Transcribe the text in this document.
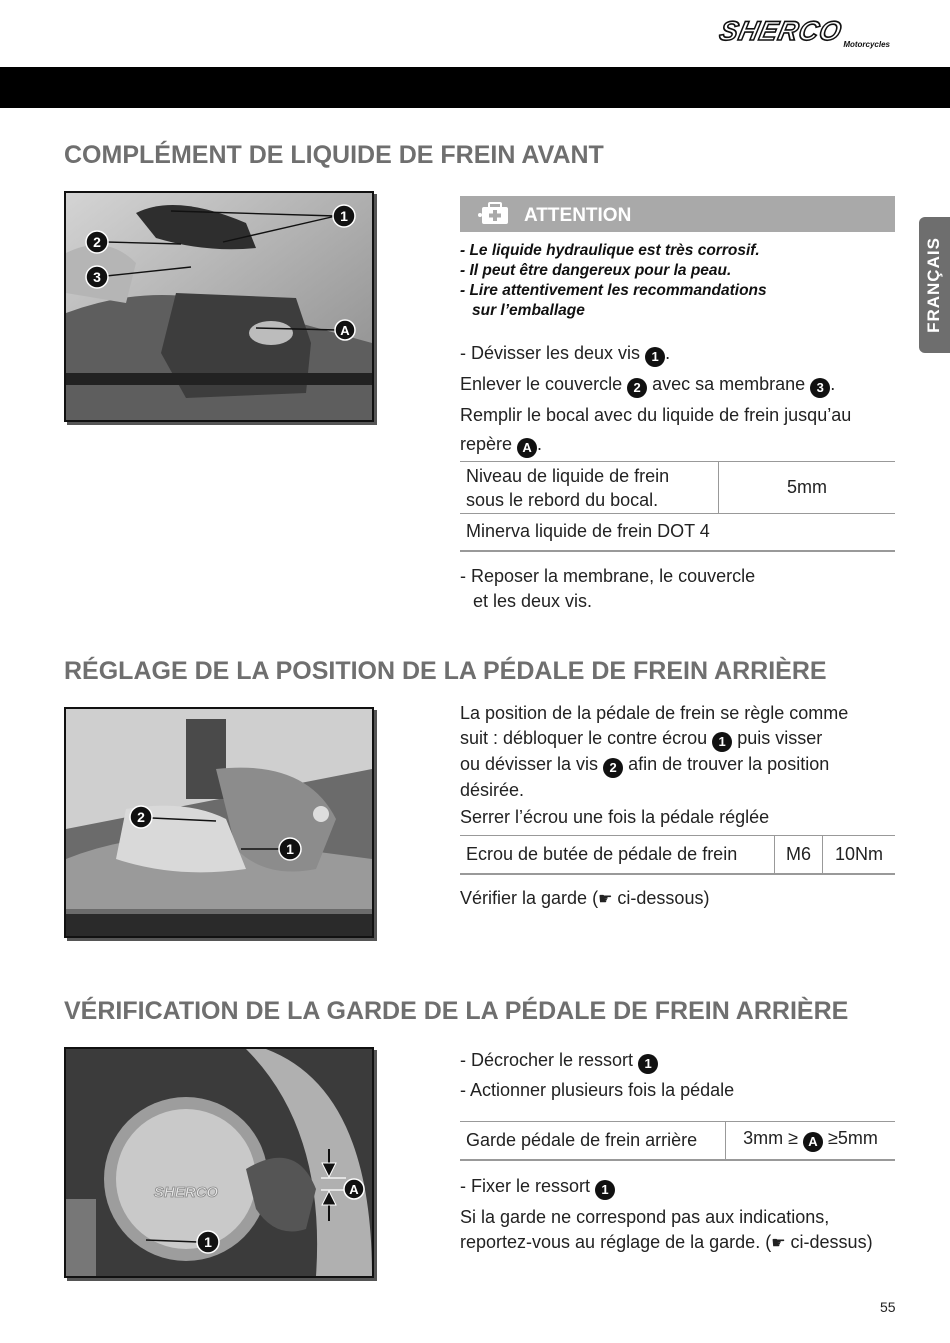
SHERCO
Motorcycles
FRANÇAIS
COMPLÉMENT DE LIQUIDE DE FREIN AVANT
1
2
3
A
ATTENTION
- Le liquide hydraulique est très corrosif.
- Il peut être dangereux pour la peau.
- Lire attentivement les recommandations
sur l’emballage
- Dévisser les deux vis 1 .
Enlever le couvercle 2 avec sa membrane 3 .
Remplir le bocal avec du liquide de frein jusqu’au
repère A .
Niveau de liquide de frein
sous le rebord du bocal.
	5mm
Minerva liquide de frein DOT 4
- Reposer la membrane, le couvercle
et les deux vis.
RÉGLAGE DE LA POSITION DE LA PÉDALE DE FREIN ARRIÈRE
2
1
La position de la pédale de frein se règle comme
suit : débloquer le contre écrou 1 puis visser
ou dévisser la vis 2 afin de trouver la position
désirée.
Serrer l’écrou une fois la pédale réglée
Ecrou de butée de pédale de frein	M6	10Nm
Vérifier la garde (☛ ci-dessous)
VÉRIFICATION DE LA GARDE DE LA PÉDALE DE FREIN ARRIÈRE
SHERCO	A
1
- Décrocher le ressort 1
- Actionner plusieurs fois la pédale
Garde pédale de frein arrière	3mm ≥ A ≥5mm
- Fixer le ressort 1
Si la garde ne correspond pas aux indications,
reportez-vous au réglage de la garde. (☛ ci-dessus)
55
